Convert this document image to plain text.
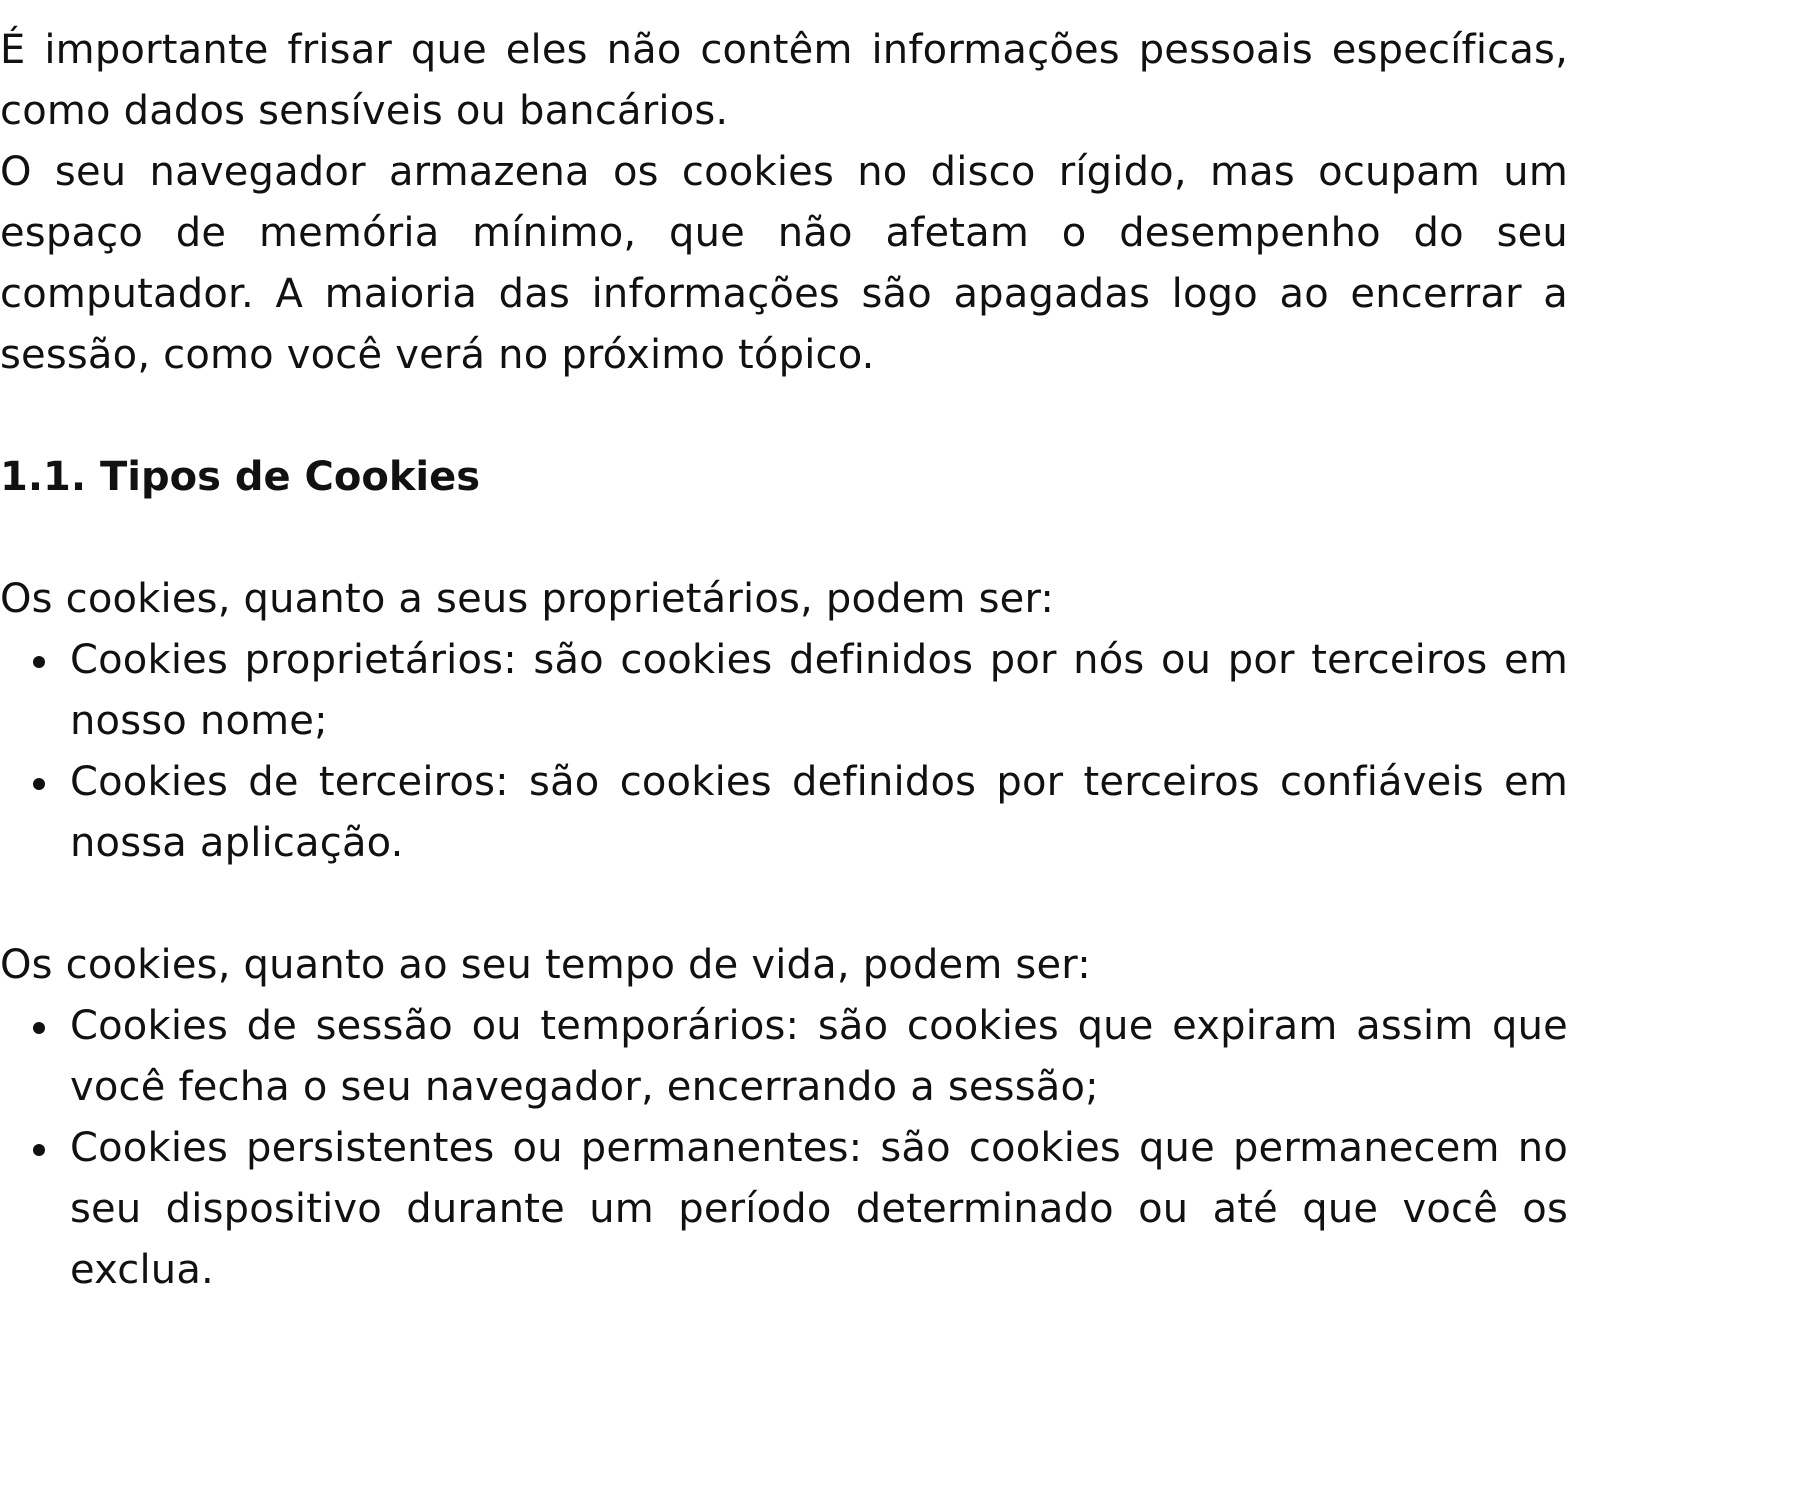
É importante frisar que eles não contêm informações pessoais específicas, como dados sensíveis ou bancários.

O seu navegador armazena os cookies no disco rígido, mas ocupam um espaço de memória mínimo, que não afetam o desempenho do seu computador. A maioria das informações são apagadas logo ao encerrar a sessão, como você verá no próximo tópico.

1.1. Tipos de Cookies

Os cookies, quanto a seus proprietários, podem ser:

Cookies proprietários: são cookies definidos por nós ou por terceiros em nosso nome;
Cookies de terceiros: são cookies definidos por terceiros confiáveis em nossa aplicação.

Os cookies, quanto ao seu tempo de vida, podem ser:

Cookies de sessão ou temporários: são cookies que expiram assim que você fecha o seu navegador, encerrando a sessão;
Cookies persistentes ou permanentes: são cookies que permanecem no seu dispositivo durante um período determinado ou até que você os exclua.
